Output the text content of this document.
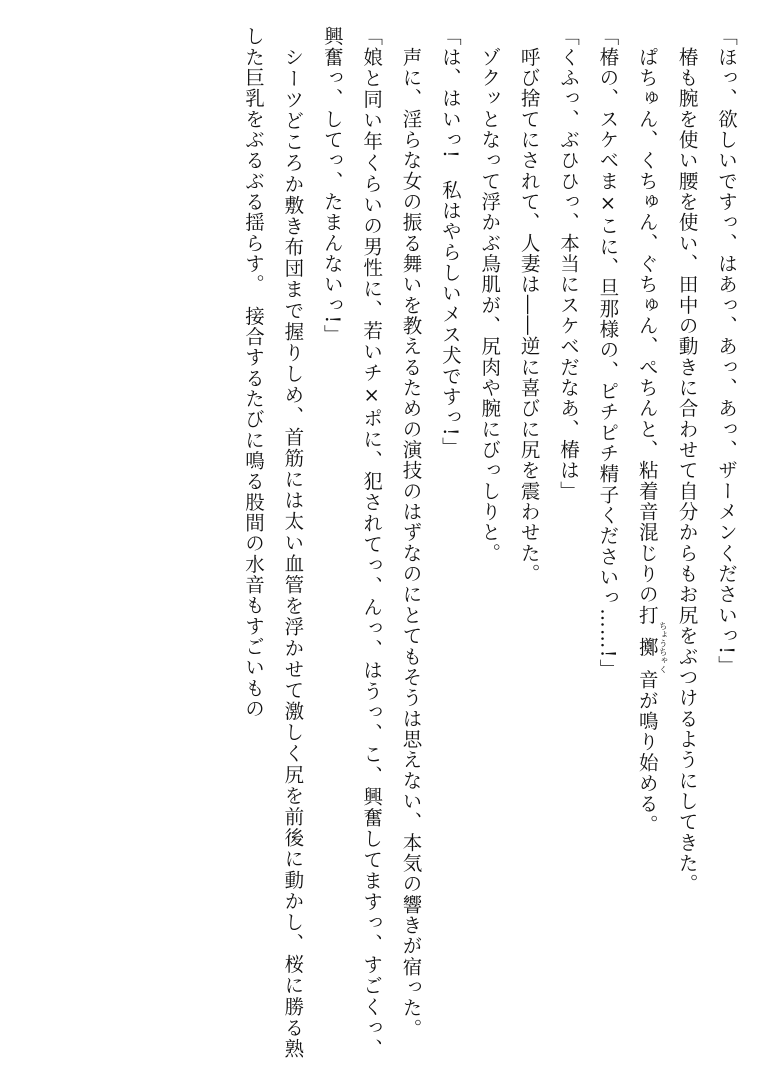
「ほっ、欲しいですっ、はあっ、あっ、あっ、ザーメンくださいっ!」

　椿も腕を使い腰を使い、田中の動きに合わせて自分からもお尻をぶつけるようにしてきた。

　ぱちゅん、くちゅん、ぐちゅん、ぺちんと、粘着音混じりの打擲ちょうちゃく音が鳴り始める。

「椿の、スケベま×こに、旦那様の、ピチピチ精子くださいっ……!」

「くふっ、ぶひひっ、本当にスケベだなあ、椿は」

　呼び捨てにされて、人妻は――逆に喜びに尻を震わせた。

　ゾクッとなって浮かぶ鳥肌が、尻肉や腕にびっしりと。

「は、はいっ!　私はやらしいメス犬ですっ!」

　声に、淫らな女の振る舞いを教えるための演技のはずなのにとてもそうは思えない、本気の響きが宿った。

「娘と同い年くらいの男性に、若いチ×ポに、犯されてっ、んっ、はうっ、こ、興奮してますっ、すごくっ、興奮っ、してっ、たまんないっ!」

　シーツどころか敷き布団まで握りしめ、首筋には太い血管を浮かせて激しく尻を前後に動かし、桜に勝る熟した巨乳をぶるぶる揺らす。　接合するたびに鳴る股間の水音もすごいもの
